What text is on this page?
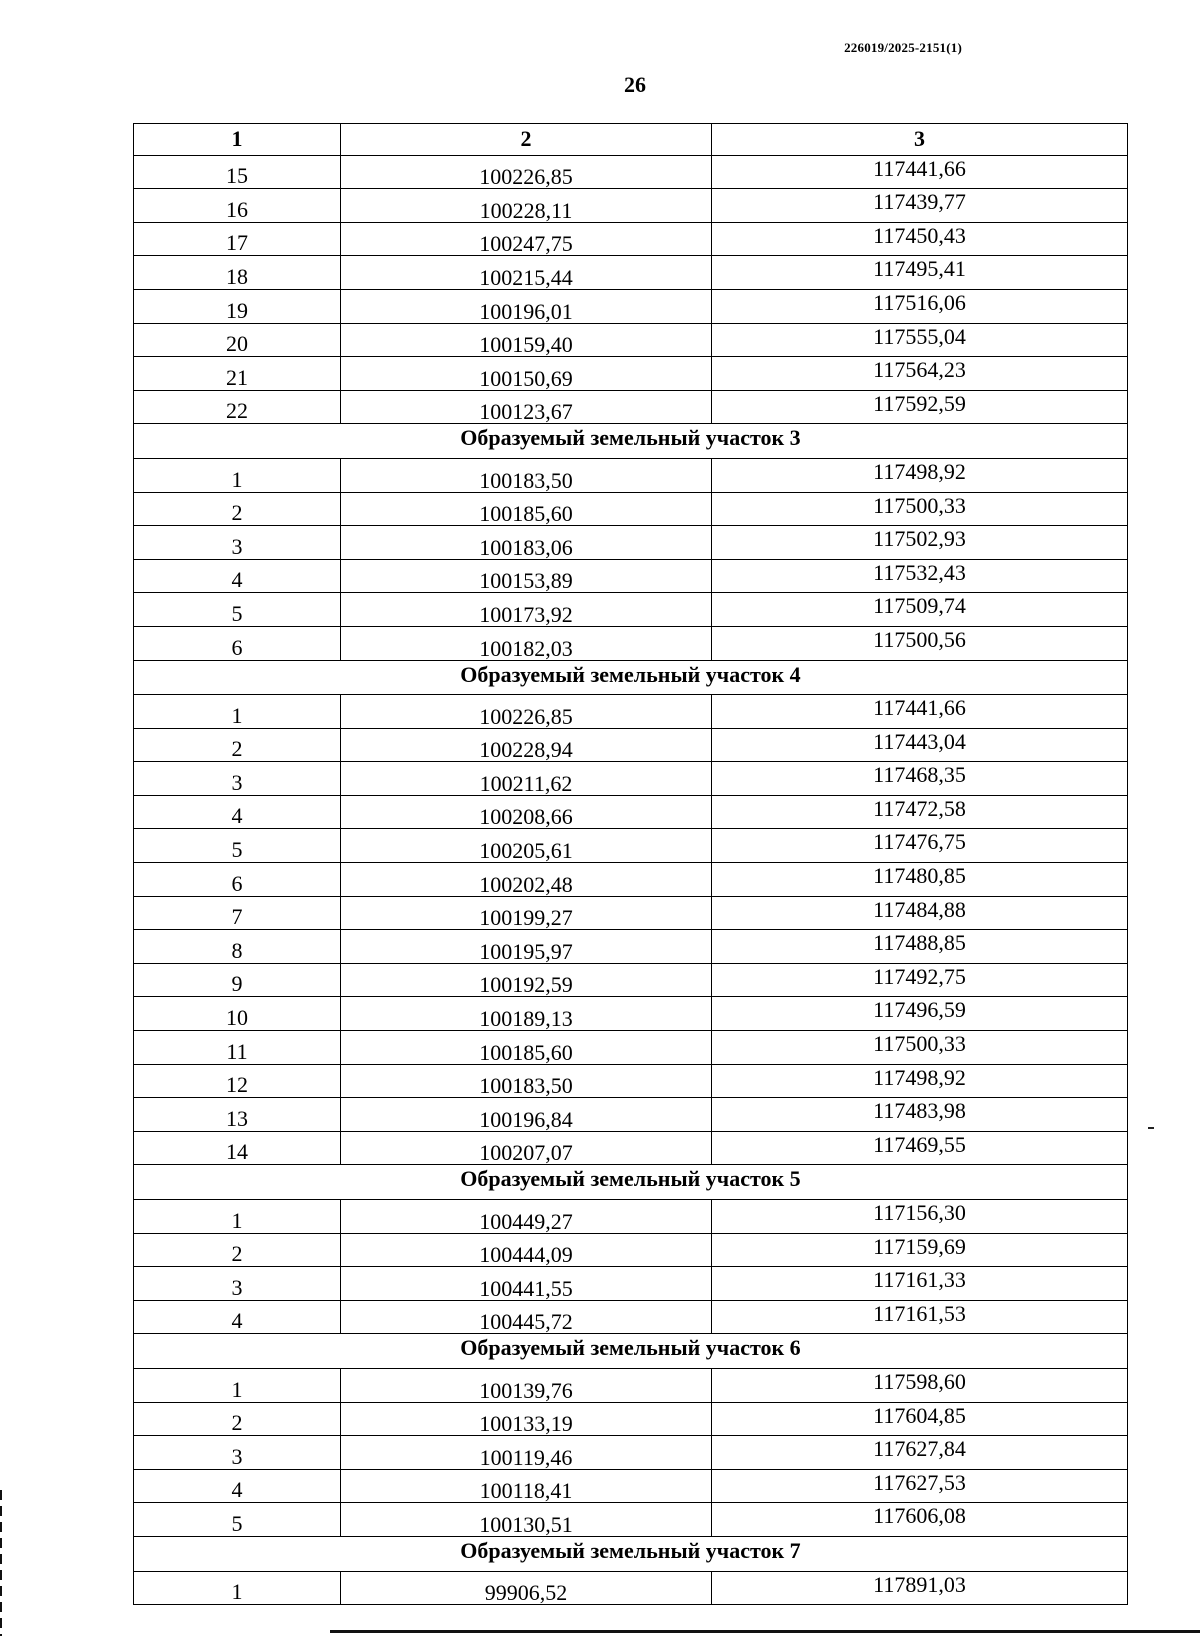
226019/2025-2151(1)
26
1	2	3
15	100226,85	117441,66
16	100228,11	117439,77
17	100247,75	117450,43
18	100215,44	117495,41
19	100196,01	117516,06
20	100159,40	117555,04
21	100150,69	117564,23
22	100123,67	117592,59
Образуемый земельный участок 3		
1	100183,50	117498,92
2	100185,60	117500,33
3	100183,06	117502,93
4	100153,89	117532,43
5	100173,92	117509,74
6	100182,03	117500,56
Образуемый земельный участок 4		
1	100226,85	117441,66
2	100228,94	117443,04
3	100211,62	117468,35
4	100208,66	117472,58
5	100205,61	117476,75
6	100202,48	117480,85
7	100199,27	117484,88
8	100195,97	117488,85
9	100192,59	117492,75
10	100189,13	117496,59
11	100185,60	117500,33
12	100183,50	117498,92
13	100196,84	117483,98
14	100207,07	117469,55
Образуемый земельный участок 5		
1	100449,27	117156,30
2	100444,09	117159,69
3	100441,55	117161,33
4	100445,72	117161,53
Образуемый земельный участок 6		
1	100139,76	117598,60
2	100133,19	117604,85
3	100119,46	117627,84
4	100118,41	117627,53
5	100130,51	117606,08
Образуемый земельный участок 7		
1	99906,52	117891,03
